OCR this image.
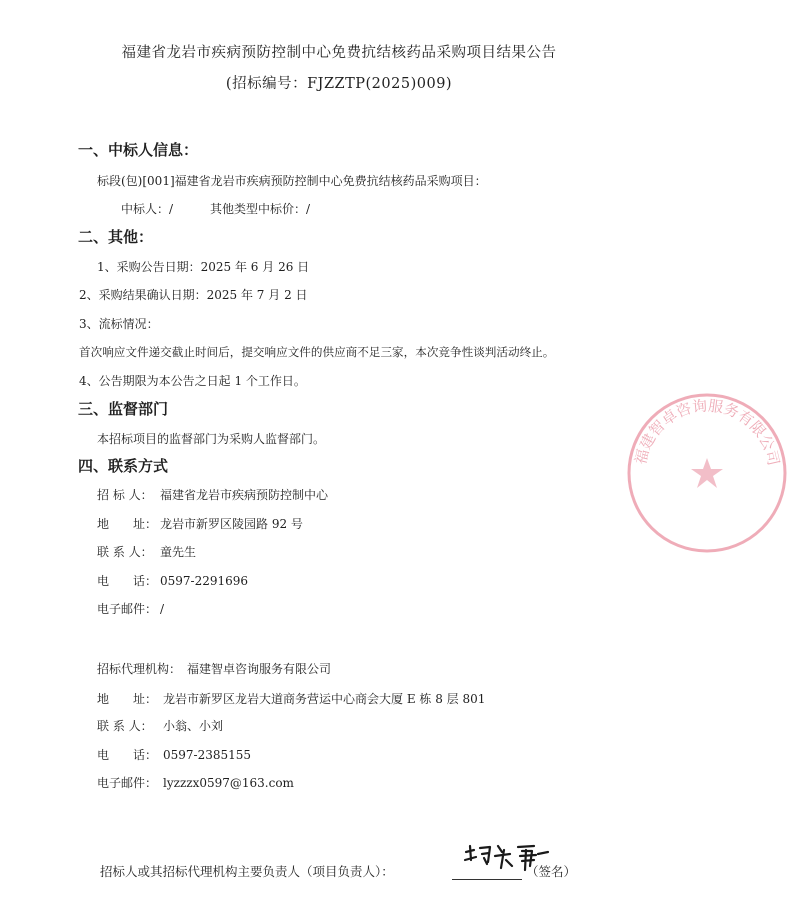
福建省龙岩市疾病预防控制中心免费抗结核药品采购项目结果公告
(招标编号：FJZZTP(2025)009)
一、中标人信息：
标段(包)[001]福建省龙岩市疾病预防控制中心免费抗结核药品采购项目：
中标人：/	其他类型中标价：/
二、其他：
1、采购公告日期：2025 年 6 月 26 日
2、采购结果确认日期：2025 年 7 月 2 日
3、流标情况：
首次响应文件递交截止时间后，提交响应文件的供应商不足三家，本次竞争性谈判活动终止。
4、公告期限为本公告之日起 1 个工作日。
三、监督部门
本招标项目的监督部门为采购人监督部门。
四、联系方式
招 标 人： 福建省龙岩市疾病预防控制中心
地　　址： 龙岩市新罗区陵园路 92 号
联 系 人： 童先生
电　　话： 0597-2291696
电子邮件： /
招标代理机构： 福建智卓咨询服务有限公司
地　　址： 龙岩市新罗区龙岩大道商务营运中心商会大厦 E 栋 8 层 801
联 系 人： 小翁、小刘
电　　话： 0597-2385155
电子邮件： lyzzzx0597@163.com
招标人或其招标代理机构主要负责人（项目负责人）：	（签名）
福建智卓咨询服务有限公司
